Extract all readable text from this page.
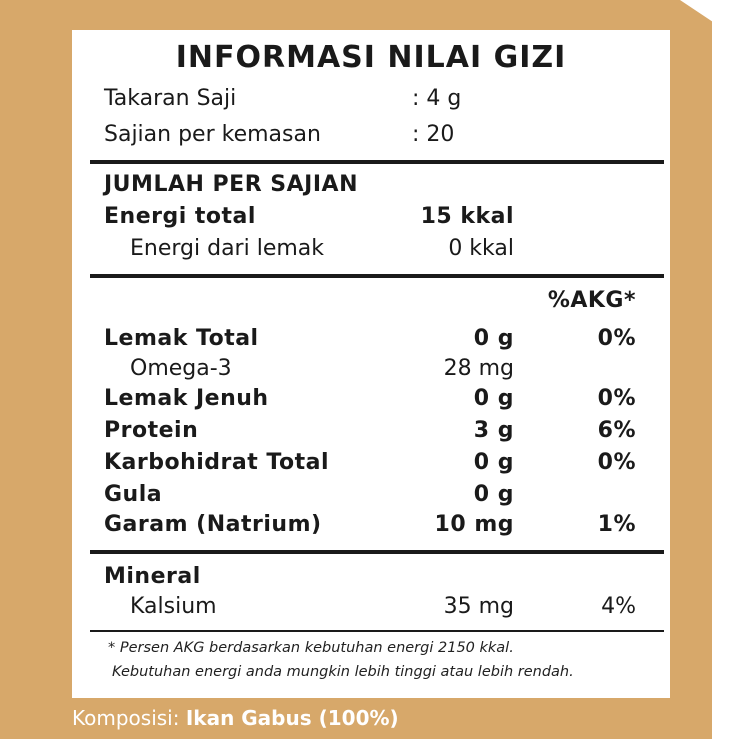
INFORMASI NILAI GIZI
Takaran Saji	: 4 g
Sajian per kemasan	: 20
JUMLAH PER SAJIAN
Energi total	15 kkal
Energi dari lemak	0 kkal
%AKG*
Lemak Total	0 g	0%
Omega-3	28 mg
Lemak Jenuh	0 g	0%
Protein	3 g	6%
Karbohidrat Total	0 g	0%
Gula	0 g
Garam (Natrium)	10 mg	1%
Mineral
Kalsium	35 mg	4%
* Persen AKG berdasarkan kebutuhan energi 2150 kkal.
Kebutuhan energi anda mungkin lebih tinggi atau lebih rendah.
Komposisi: Ikan Gabus (100%)
